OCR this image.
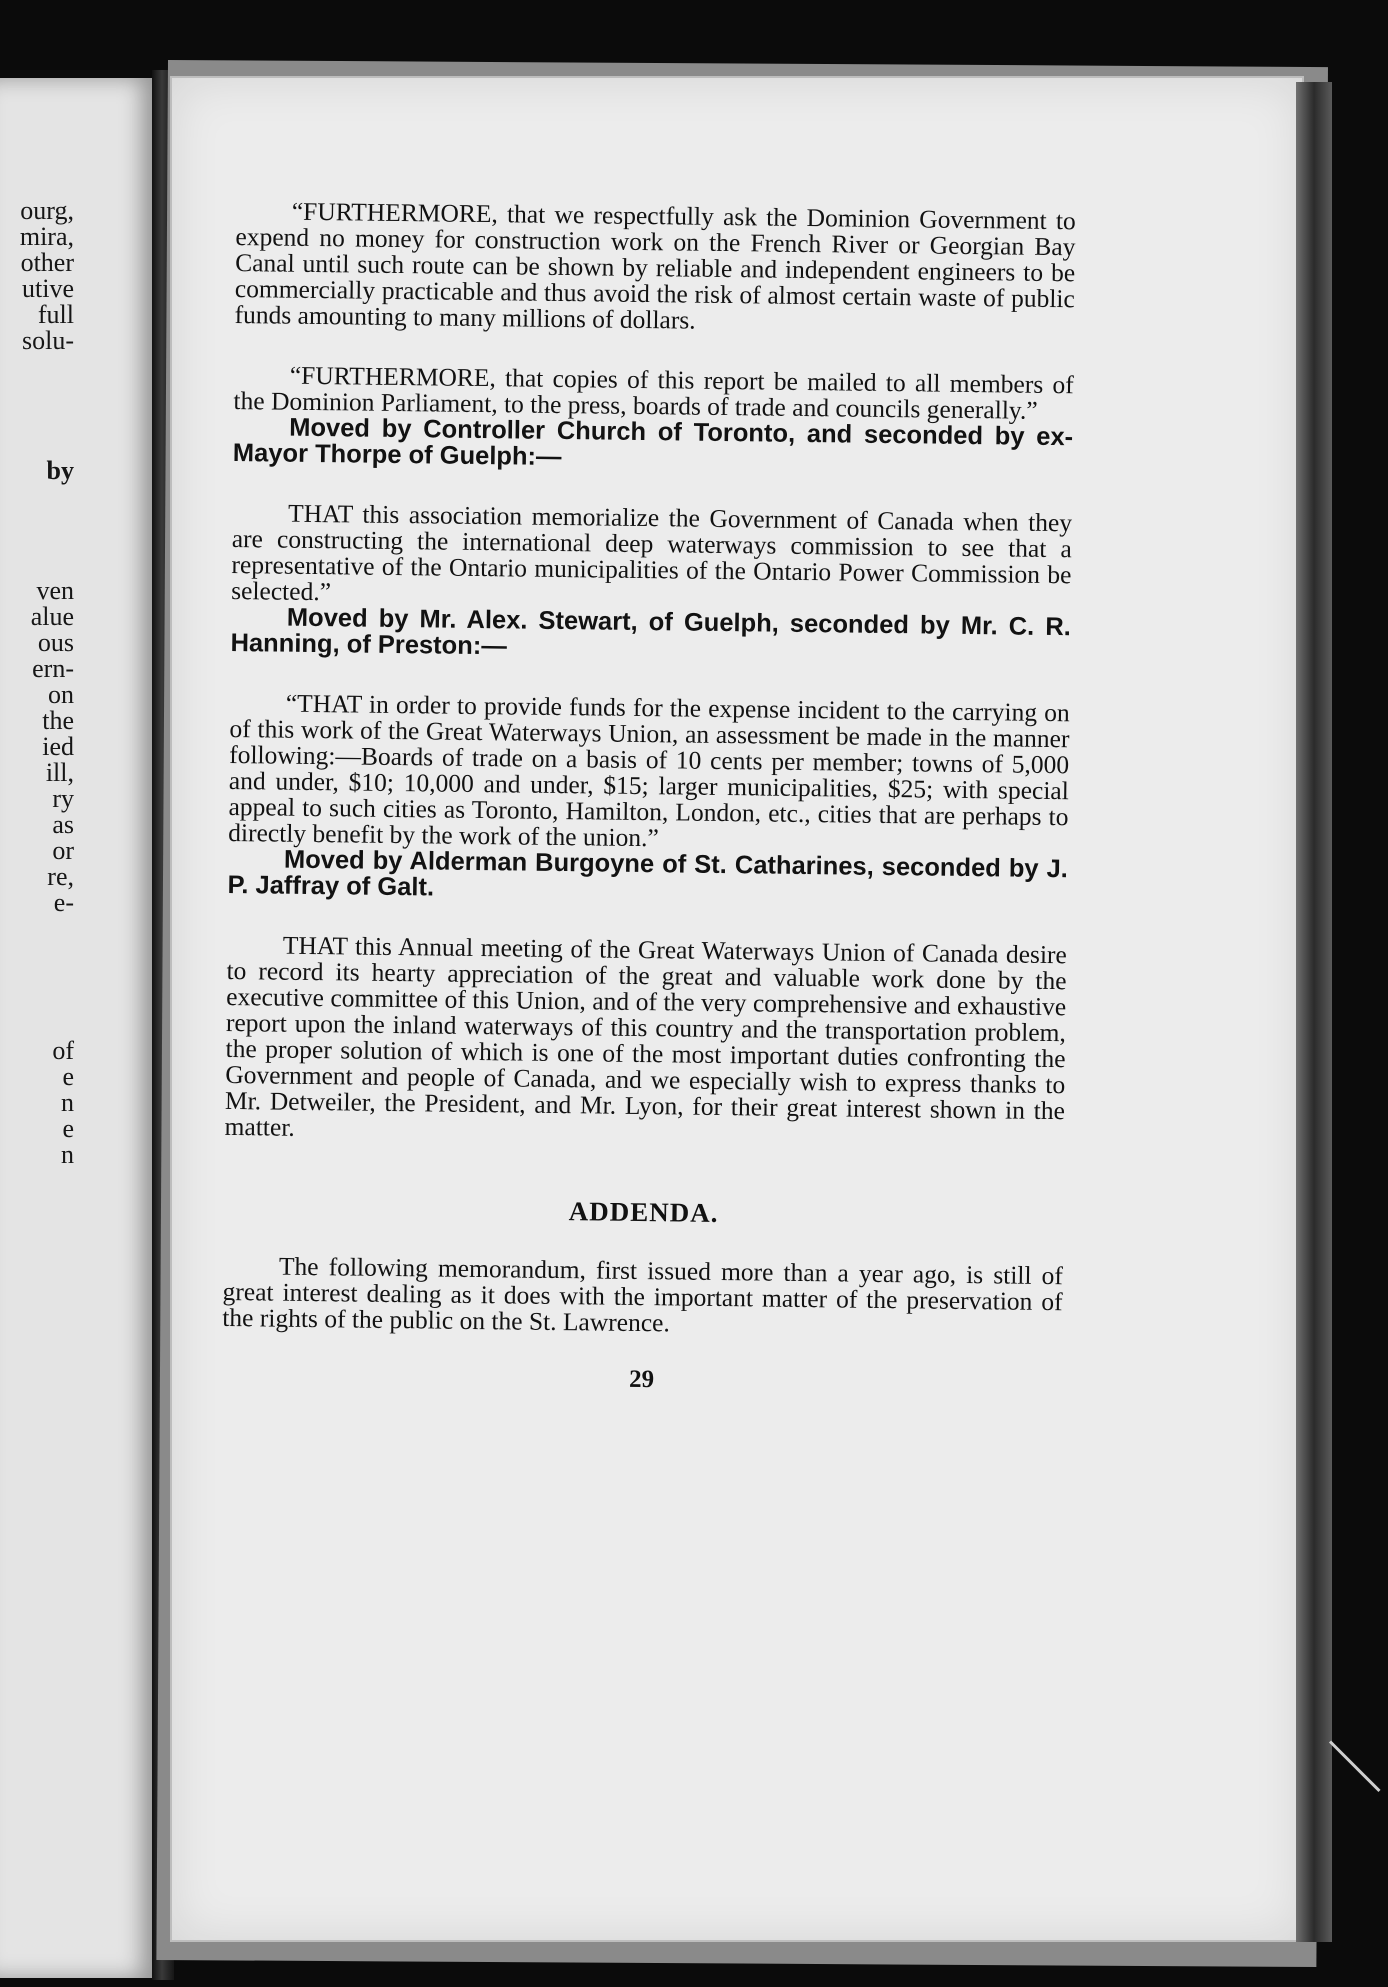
ourg,
mira,
other
utive
full
solu-
by
ven
alue
ous
ern-
on
the
ied
ill,
ry
as
or
re,
e-
of
e
n
e
n

“FURTHERMORE, that we respectfully ask the Dominion Government to expend no money for construction work on the French River or Georgian Bay Canal until such route can be shown by reliable and independent engineers to be commercially practicable and thus avoid the risk of almost certain waste of public funds amounting to many millions of dollars.

“FURTHERMORE, that copies of this report be mailed to all members of the Dominion Parliament, to the press, boards of trade and councils generally.”

Moved by Controller Church of Toronto, and seconded by ex-Mayor Thorpe of Guelph:—

THAT this association memorialize the Government of Canada when they are constructing the international deep waterways commission to see that a representative of the Ontario municipalities of the Ontario Power Commission be selected.”

Moved by Mr. Alex. Stewart, of Guelph, seconded by Mr. C. R. Hanning, of Preston:—

“THAT in order to provide funds for the expense incident to the carrying on of this work of the Great Waterways Union, an assessment be made in the manner following:—Boards of trade on a basis of 10 cents per member; towns of 5,000 and under, $10; 10,000 and under, $15; larger municipalities, $25; with special appeal to such cities as Toronto, Hamilton, London, etc., cities that are perhaps to directly benefit by the work of the union.”

Moved by Alderman Burgoyne of St. Catharines, seconded by J. P. Jaffray of Galt.

THAT this Annual meeting of the Great Waterways Union of Canada desire to record its hearty appreciation of the great and valuable work done by the executive committee of this Union, and of the very comprehensive and exhaustive report upon the inland waterways of this country and the transportation problem, the proper solution of which is one of the most important duties confronting the Government and people of Canada, and we especially wish to express thanks to Mr. Detweiler, the President, and Mr. Lyon, for their great interest shown in the matter.

ADDENDA.

The following memorandum, first issued more than a year ago, is still of great interest dealing as it does with the important matter of the preservation of the rights of the public on the St. Lawrence.

29
